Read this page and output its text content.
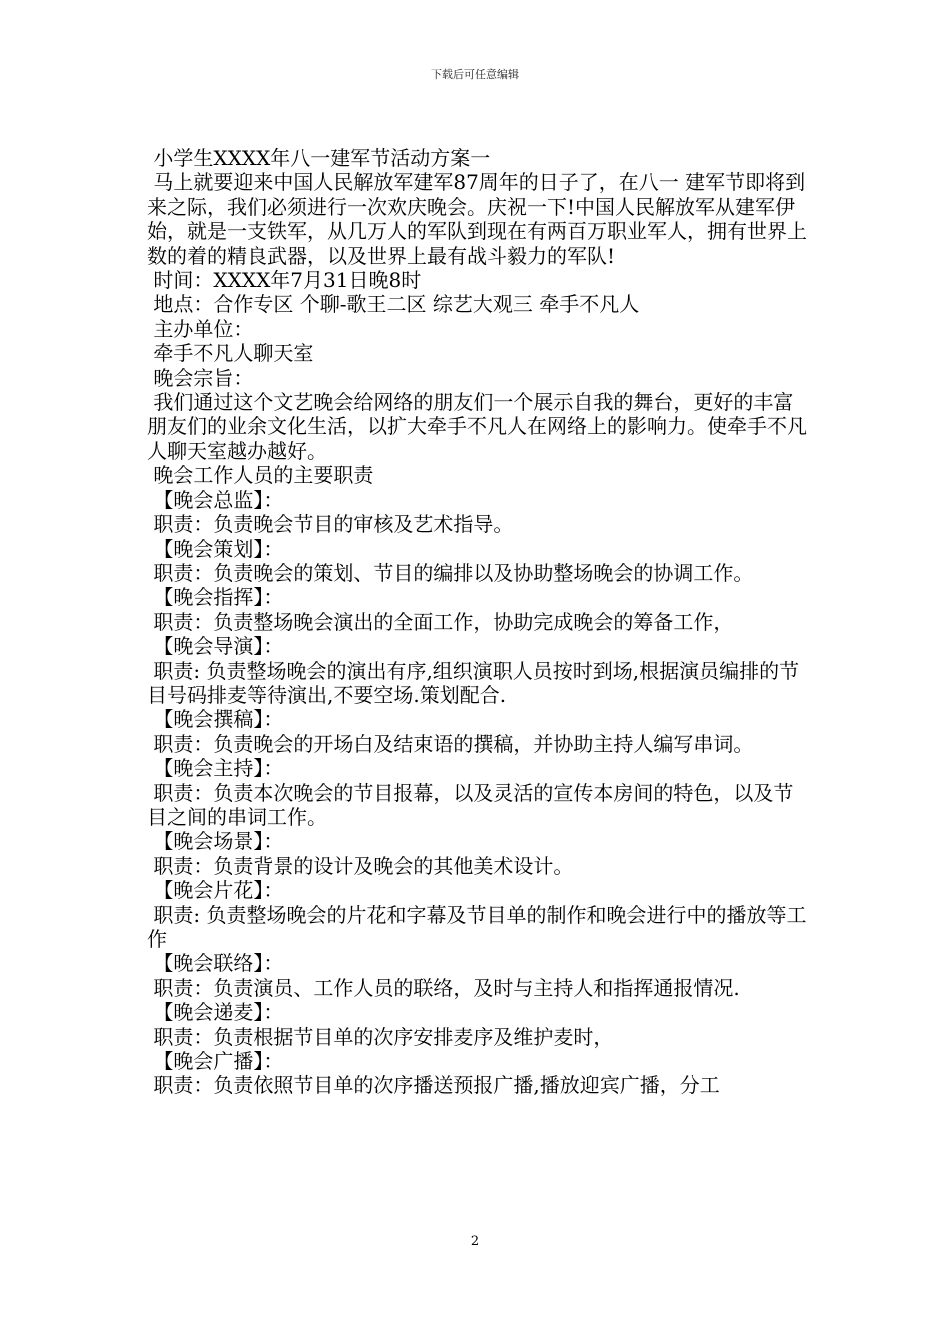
下载后可任意编辑

小学生XXXX年八一建军节活动方案一

马上就要迎来中国人民解放军建军87周年的日子了，在八一 建军节即将到来之际，我们必须进行一次欢庆晚会。庆祝一下!中国人民解放军从建军伊始，就是一支铁军，从几万人的军队到现在有两百万职业军人，拥有世界上数的着的精良武器，以及世界上最有战斗毅力的军队!

时间：XXXX年7月31日晚8时

地点：合作专区 个聊-歌王二区 综艺大观三 牵手不凡人

主办单位：

牵手不凡人聊天室

晚会宗旨：

我们通过这个文艺晚会给网络的朋友们一个展示自我的舞台，更好的丰富朋友们的业余文化生活，以扩大牵手不凡人在网络上的影响力。使牵手不凡人聊天室越办越好。

晚会工作人员的主要职责

【晚会总监】：

职责：负责晚会节目的审核及艺术指导。

【晚会策划】：

职责：负责晚会的策划、节目的编排以及协助整场晚会的协调工作。

【晚会指挥】：

职责：负责整场晚会演出的全面工作，协助完成晚会的筹备工作，

【晚会导演】：

职责: 负责整场晚会的演出有序,组织演职人员按时到场,根据演员编排的节目号码排麦等待演出,不要空场.策划配合.

【晚会撰稿】：

职责：负责晚会的开场白及结束语的撰稿，并协助主持人编写串词。

【晚会主持】：

职责：负责本次晚会的节目报幕，以及灵活的宣传本房间的特色，以及节目之间的串词工作。

【晚会场景】：

职责：负责背景的设计及晚会的其他美术设计。

【晚会片花】：

职责: 负责整场晚会的片花和字幕及节目单的制作和晚会进行中的播放等工作

【晚会联络】：

职责：负责演员、工作人员的联络，及时与主持人和指挥通报情况.

【晚会递麦】：

职责：负责根据节目单的次序安排麦序及维护麦时，

【晚会广播】：

职责：负责依照节目单的次序播送预报广播,播放迎宾广播，分工

2
